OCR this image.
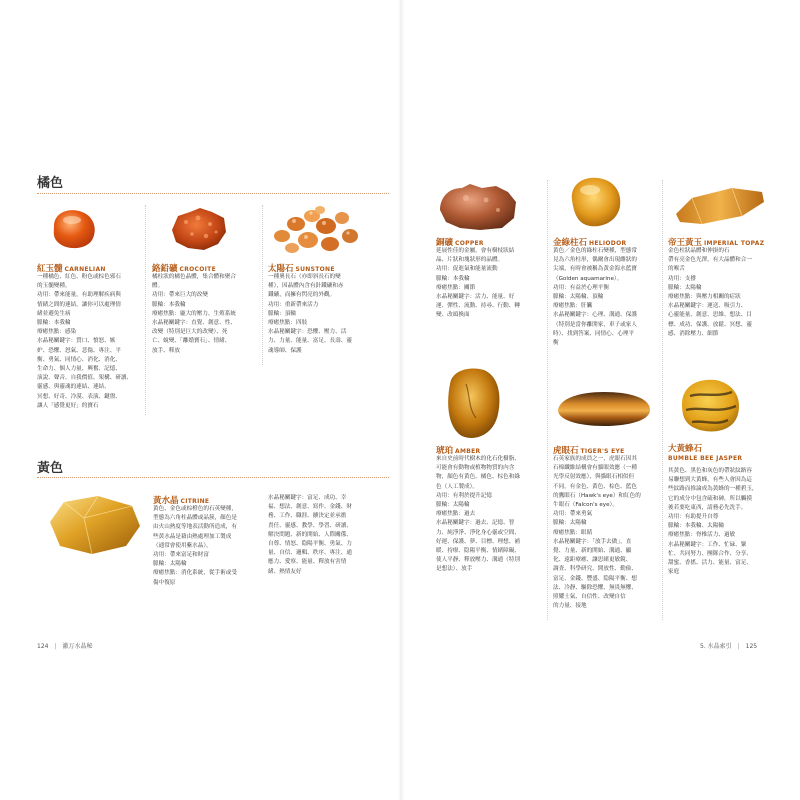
橘色
紅玉髓 CARNELIAN

一種橘色、紅色、粉色或棕色邪石

的玉髓變種。

功用：帶來能量，有助理解疾病與

情緒之間的連結，讓你可以處理情

緒並避免生病

脈輪：本我輪

療癒焦點：感染

水晶秘關鍵字：質口、憤怒、嫉

妒、恐懼、怒氣、悲傷、專注、平

衡、勇氣、同情心、消化、消化、

生命力、個人力量、興奮、記憶、

演說、聲音、自我價值、架構、研讀、

靈感、與靈魂的連結、連結、

冥想、好奇、冷漠、表演、鍵盤、

讓人「感覺更好」的寶石

鉻鉛礦 CROCOITE

橘柱狀的橘色晶體，集合體和聚合

體。

功用：帶來巨大的改變

脈輪：本我輪

療癒焦點：龐大的壓力，生殖系統

水晶秘關鍵字：直覺、創意、性、

改變（特別是巨大的改變）、死

亡、蛻變、「離婚寶石」、情緒、

放手、釋放

太陽石 SUNSTONE

一種奧長石（亦即斜長石的變

種），因晶體內含有針鐵礦和赤

鐵礦，而擁有閃亮的外觀。

功用：重新帶來活力

脈輪：頂輪

療癒焦點：四肢

水晶秘關鍵字：恐懼、壓力、活

力、力量、能量、富足、長壽、靈

魂導師、保護

黃色
黃水晶 CITRINE

黃色、金色或棕橙色的石英變種，

型態為六角柱晶體或晶簇，顏色是

由火山熱度等地表活動所造成，有

些黃水晶是藉由熱處理加工製成

（通常會使用紫水晶）。

功用：帶來富足和財富

脈輪：太陽輪

療癒焦點：消化系統，從手術或受

傷中復原

水晶秘關鍵字：富足、成功、幸

福、想法、創意、寫作、金錢、財

務、工作、職涯、擴決定並承擔

責任、靈感、教學、學習、研讀、

解決問題、新的開始、人際關係、

自尊、情怒、隐陽平衡、勇氣、力

量、自信、邏輯、秩序、專注、通

應力、愛察、能量、釋放有害情

緒、熱情友好

124 | 激万水晶秘
銅礦 COPPER

延展性佳的金屬，會有樹枝狀結

晶、片狀和塊狀形的晶體。

功用：促進氣和能量流動

脈輪：本我輪

療癒焦點：關節

水晶秘關鍵字：活力、能量、好

運、彈性、流動、持尋、行動、轉

變、改頭換面

金綠柱石 HELIODOR

黃色／金色的綠柱石變種，型態常

見為六角柱形，偶爾會出現雌狀的

尖端，有時會被稱為黃金海水藍寶

（Golden aquamarine）。

功用：有益於心理平衡

脈輪：太陽輪、頂輪

療癒焦點：肝臟

水晶秘關鍵字：心理、溝通、保護

（特別是當你離開家，車子或家人

時）、找到答案、同情心、心理平

衡

帝王黃玉 IMPERIAL TOPAZ

金色柱狀晶體和伸掛的石

帶有亮金色光澤，有大晶體和合一

的喉舌

功用：支撐

脈輪：太陽輪

療癒焦點：與壓力相關的症狀

水晶秘關鍵字：運送、吸引力、

心靈能量、創意、思維、想法、目

標、成功、保護、放鬆、冥想、靈

感、消除壓力、細節

琥珀 AMBER

來自史前時代樹木的化石化樹脂，

可能會有動物或植物物質的內含

物，顏色有黃色、橘色、棕色和綠

色（人工製成）。

功用：有利於提升記憶

脈輪：太陽輪

療癒焦點：過去

水晶秘關鍵字：過去、記憶、智

力、純淨淨、淨化身心靈或空間、

好運、保護、夢、目標、理想、補

暖、持療、隐陽平衡、情緒障礙、

使人平靜、釋放壓力、溝通（特別

是想法）、放手

虎眼石 TIGER'S EYE

石英家族的成員之一，虎眼石因其

石棉纖維結構會有貓眼效應（一種

光學反射效應），與貓眼石相似但

不同。有金色、黃色、棕色、藍色

的鷹眼石（Hawk's eye）和紅色的

牛眼石（Falcon's eye）。

功用：帶來勇氣

脈輪：太陽輪

療癒焦點：眼睛

水晶秘關鍵字：「放手去做」，直

覺、力量、新的開始、溝通、顯

化、遠距療癒、讓思緒更敏銳、

調査、科學研究、開放性、勤儉、

富足、金錢、豐盛、隐陽平衡、想

法、冷靜、驅除恐懼、無畏無懼、

照耀士氣、自信性、改變自信

的力量、接地

大黃蜂石
BUMBLE BEE JASPER

其黃色、黑色和灰色的帶狀紋路容

易聯想到大黃蜂，有些人會因為這

些紋路而推論成為黃蜂的一種碧玉，

它的成分中包含硫和砷，所以觸摸

後若要吃東西，請務必先洗手。

功用：有助提升自尊

脈輪：本我輪、太陽輪

療癒焦點：脊椎活力、過敏

水晶秘關鍵字：工作、忙碌、緊

忙、共同努力、團隊合作、分享、

甜蜜、香搖、活力、能量、富足、

家庭

5. 水晶索引 | 125
